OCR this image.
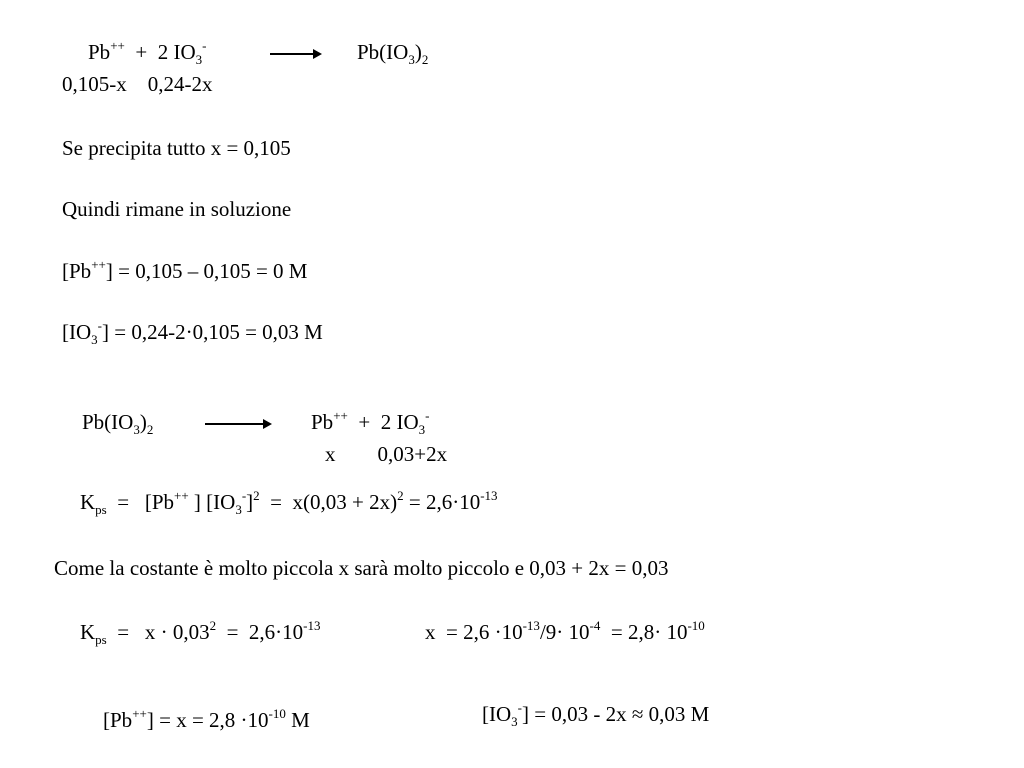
Pb++  +  2 $IO_3^-$	$Pb(IO_3)_2$
0,105-x    0,24-2x
Se precipita tutto x = 0,105
Quindi rimane in soluzione
[Pb++] = 0,105 – 0,105 = 0 M
$[IO_3^-] = 0,24-2\cdot 0,105 = 0,03$ M
$Pb(IO_3)_2$	Pb++  +  2 $IO_3^-$
x        0,03+2x
$K_{ps} = [Pb^{++}$ ] $[IO_3^-]^2 = x(0,03 + 2x)^2 = 2,6\cdot 10^{-13}$
Come la costante è molto piccola x sarà molto piccolo e 0,03 + 2x = 0,03
$K_{ps} = x \cdot 0,03^2 = 2,6\cdot 10^{-13}$	$x = 2,6 \cdot 10^{-13}/9\cdot 10^{-4} = 2,8\cdot 10^{-10}$
$[Pb^{++}] = x = 2,8 \cdot 10^{-10}$ M	$[IO_3^-] = 0,03 - 2x \approx 0,03$ M
